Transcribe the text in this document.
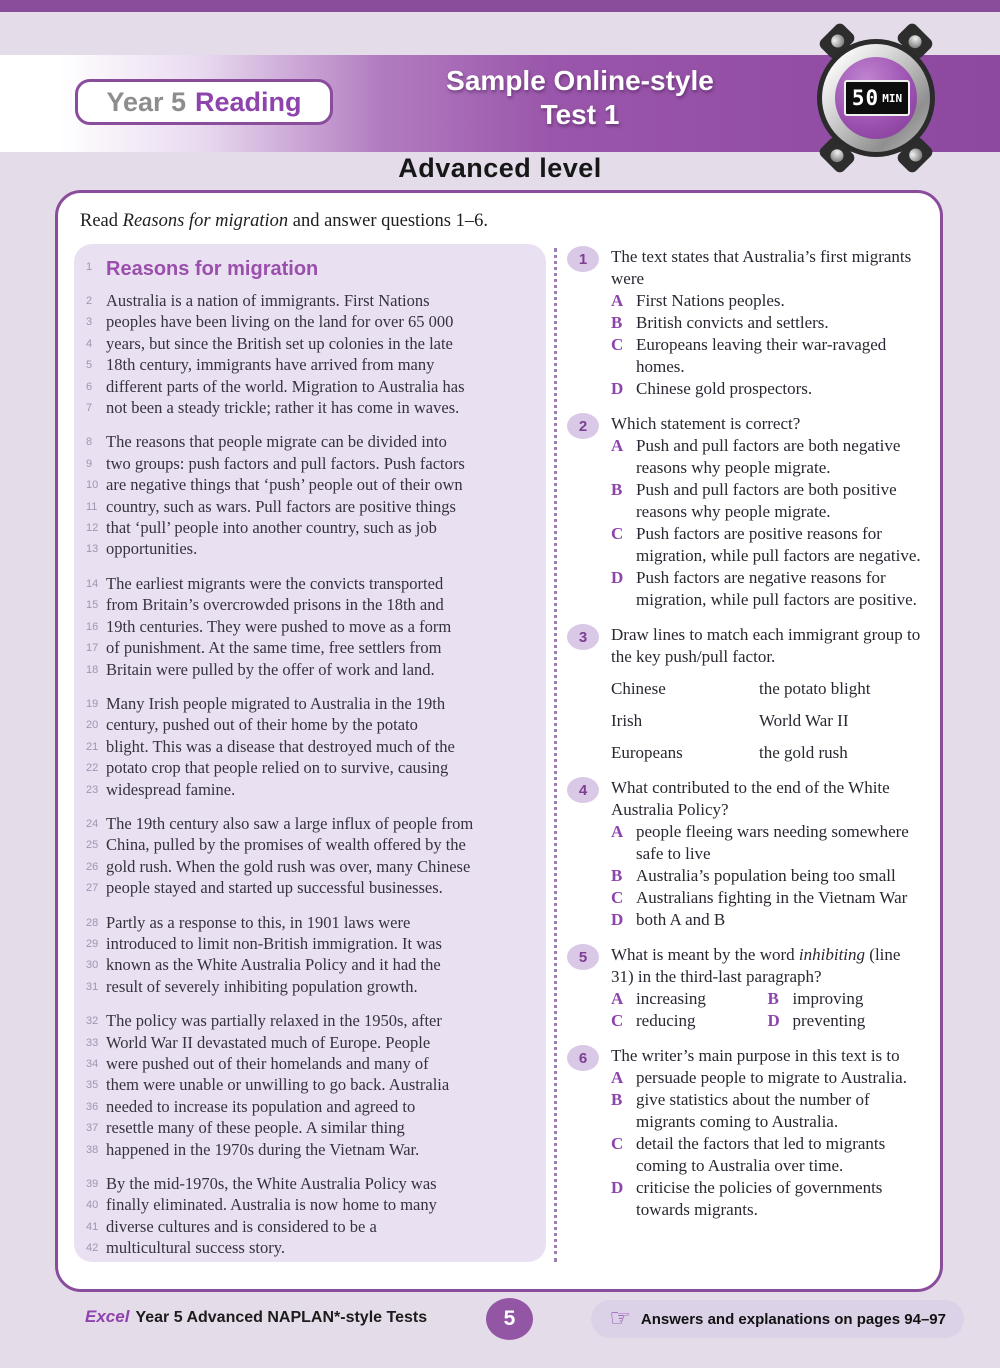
Year 5 Reading
Sample Online-style
Test 1
50 MIN
Advanced level
Read Reasons for migration and answer questions 1–6.
1 Reasons for migration
2 Australia is a nation of immigrants. First Nations
3 peoples have been living on the land for over 65 000
4 years, but since the British set up colonies in the late
5 18th century, immigrants have arrived from many
6 different parts of the world. Migration to Australia has
7 not been a steady trickle; rather it has come in waves.
8 The reasons that people migrate can be divided into
9 two groups: push factors and pull factors. Push factors
10 are negative things that ‘push’ people out of their own
11 country, such as wars. Pull factors are positive things
12 that ‘pull’ people into another country, such as job
13 opportunities.
14 The earliest migrants were the convicts transported
15 from Britain’s overcrowded prisons in the 18th and
16 19th centuries. They were pushed to move as a form
17 of punishment. At the same time, free settlers from
18 Britain were pulled by the offer of work and land.
19 Many Irish people migrated to Australia in the 19th
20 century, pushed out of their home by the potato
21 blight. This was a disease that destroyed much of the
22 potato crop that people relied on to survive, causing
23 widespread famine.
24 The 19th century also saw a large influx of people from
25 China, pulled by the promises of wealth offered by the
26 gold rush. When the gold rush was over, many Chinese
27 people stayed and started up successful businesses.
28 Partly as a response to this, in 1901 laws were
29 introduced to limit non-British immigration. It was
30 known as the White Australia Policy and it had the
31 result of severely inhibiting population growth.
32 The policy was partially relaxed in the 1950s, after
33 World War II devastated much of Europe. People
34 were pushed out of their homelands and many of
35 them were unable or unwilling to go back. Australia
36 needed to increase its population and agreed to
37 resettle many of these people. A similar thing
38 happened in the 1970s during the Vietnam War.
39 By the mid-1970s, the White Australia Policy was
40 finally eliminated. Australia is now home to many
41 diverse cultures and is considered to be a
42 multicultural success story.
1	The text states that Australia’s first migrants were
A First Nations peoples.
B British convicts and settlers.
C Europeans leaving their war-ravaged homes.
D Chinese gold prospectors.
2	Which statement is correct?
A Push and pull factors are both negative reasons why people migrate.
B Push and pull factors are both positive reasons why people migrate.
C Push factors are positive reasons for migration, while pull factors are negative.
D Push factors are negative reasons for migration, while pull factors are positive.
3	Draw lines to match each immigrant group to the key push/pull factor.
Chinese	the potato blight
Irish	World War II
Europeans	the gold rush
4	What contributed to the end of the White Australia Policy?
A people fleeing wars needing somewhere safe to live
B Australia’s population being too small
C Australians fighting in the Vietnam War
D both A and B
5	What is meant by the word inhibiting (line 31) in the third-last paragraph?
A increasing	B improving
C reducing	D preventing
6	The writer’s main purpose in this text is to
A persuade people to migrate to Australia.
B give statistics about the number of migrants coming to Australia.
C detail the factors that led to migrants coming to Australia over time.
D criticise the policies of governments towards migrants.
Excel Year 5 Advanced NAPLAN*-style Tests	5	☞ Answers and explanations on pages 94–97
